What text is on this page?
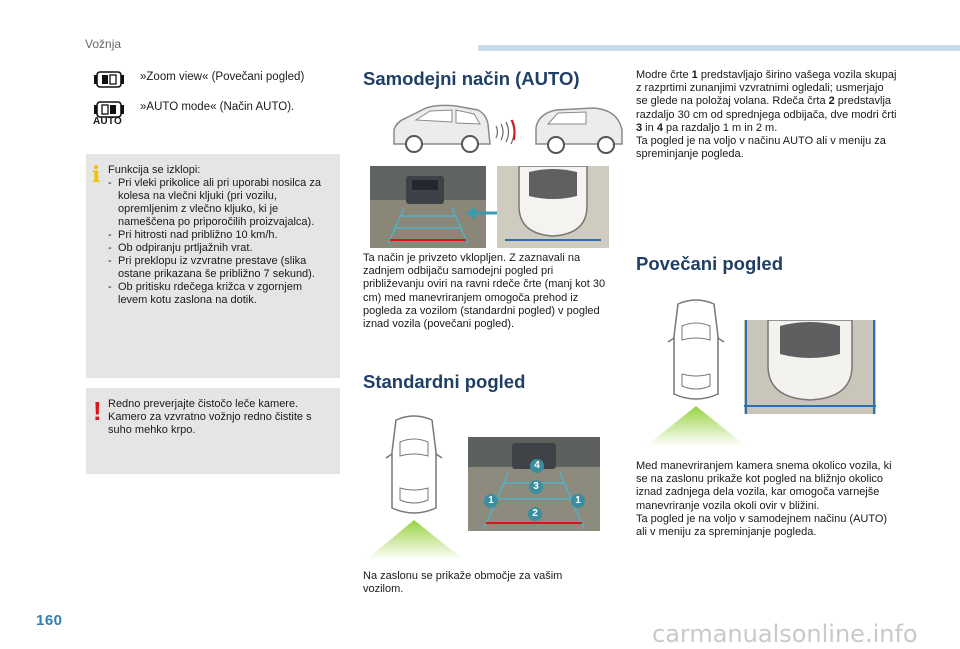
Vožnja
»Zoom view« (Povečani pogled)
AUTO
»AUTO mode« (Način AUTO).

Funkcija se izklopi:

- Pri vleki prikolice ali pri uporabi nosilca za kolesa na vlečni kljuki (pri vozilu, opremljenim z vlečno kljuko, ki je nameščena po priporočilih proizvajalca).
- Pri hitrosti nad približno 10 km/h.
- Ob odpiranju prtljažnih vrat.
- Pri preklopu iz vzvratne prestave (slika ostane prikazana še približno 7 sekund).
- Ob pritisku rdečega križca v zgornjem levem kotu zaslona na dotik.
i
Redno preverjajte čistočo leče kamere. Kamero za vzvratno vožnjo redno čistite s suho mehko krpo.
!
Samodejni način (AUTO)
Ta način je privzeto vklopljen. Z zaznavali na zadnjem odbijaču samodejni pogled pri približevanju oviri na ravni rdeče črte (manj kot 30 cm) med manevriranjem omogoča prehod iz pogleda za vozilom (standardni pogled) v pogled iznad vozila (povečani pogled).
Standardni pogled
4
3
1	1
2
Na zaslonu se prikaže območje za vašim vozilom.
Modre črte 1 predstavljajo širino vašega vozila skupaj z razprtimi zunanjimi vzvratnimi ogledali; usmerjajo se glede na položaj volana. Rdeča črta 2 predstavlja razdaljo 30 cm od sprednjega odbijača, dve modri črti 3 in 4 pa razdaljo 1 m in 2 m.

Ta pogled je na voljo v načinu AUTO ali v meniju za spreminjanje pogleda.

Povečani pogled

Med manevriranjem kamera snema okolico vozila, ki se na zaslonu prikaže kot pogled na bližnjo okolico iznad zadnjega dela vozila, kar omogoča varnejše manevriranje vozila okoli ovir v bližini.

Ta pogled je na voljo v samodejnem načinu (AUTO) ali v meniju za spreminjanje pogleda.

160	carmanualsonline.info
